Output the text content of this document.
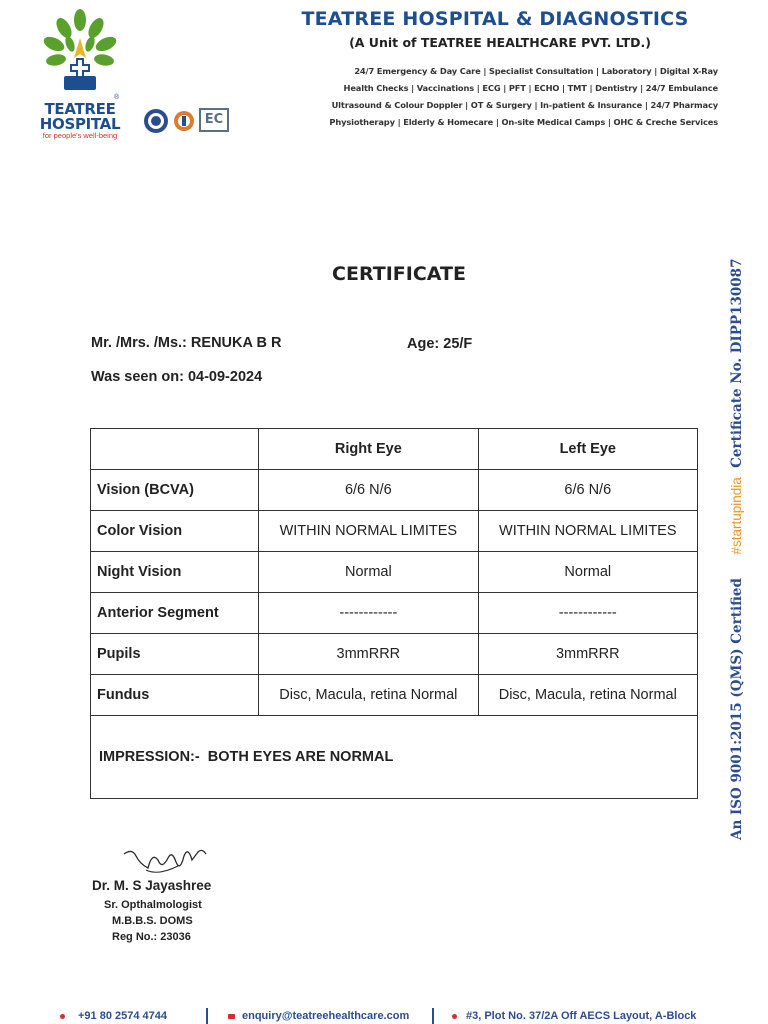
®
TEATREE
HOSPITAL
for people's well-being
EC
TEATREE HOSPITAL & DIAGNOSTICS
(A Unit of TEATREE HEALTHCARE PVT. LTD.)
24/7 Emergency & Day Care | Specialist Consultation | Laboratory | Digital X-Ray
Health Checks | Vaccinations | ECG | PFT | ECHO | TMT | Dentistry | 24/7 Embulance
Ultrasound & Colour Doppler | OT & Surgery | In-patient & Insurance | 24/7 Pharmacy
Physiotherapy | Elderly & Homecare | On-site Medical Camps | OHC & Creche Services
CERTIFICATE
Mr. /Mrs. /Ms.: RENUKA B R	Age: 25/F
Was seen on: 04-09-2024
	Right Eye	Left Eye
Vision (BCVA)	6/6 N/6	6/6 N/6
Color Vision	WITHIN NORMAL LIMITES	WITHIN NORMAL LIMITES
Night Vision	Normal	Normal
Anterior Segment	------------	------------
Pupils	3mmRRR	3mmRRR
Fundus	Disc, Macula, retina Normal	Disc, Macula, retina Normal
IMPRESSION:- BOTH EYES ARE NORMAL		
Dr. M. S Jayashree
Sr. Opthalmologist
M.B.B.S. DOMS
Reg No.: 23036
An ISO 9001:2015 (QMS) Certified     #startupindia  Certificate No. DIPP130087
+91 80 2574 4744	enquiry@teatreehealthcare.com	#3, Plot No. 37/2A Off AECS Layout, A-Block
